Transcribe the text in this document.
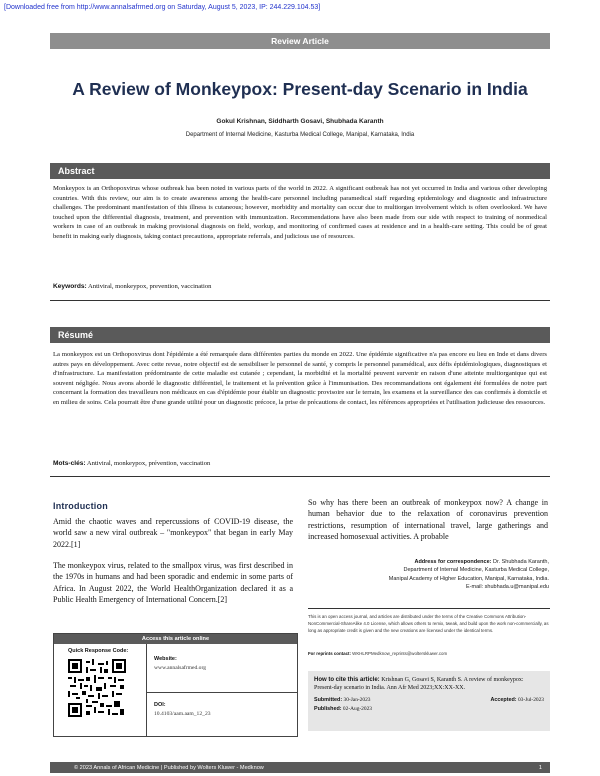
[Downloaded free from http://www.annalsafrmed.org on Saturday, August 5, 2023, IP: 244.229.104.53]
Review Article
A Review of Monkeypox: Present-day Scenario in India
Gokul Krishnan, Siddharth Gosavi, Shubhada Karanth
Department of Internal Medicine, Kasturba Medical College, Manipal, Karnataka, India
Abstract
Monkeypox is an Orthopoxvirus whose outbreak has been noted in various parts of the world in 2022. A significant outbreak has not yet occurred in India and various other developing countries. With this review, our aim is to create awareness among the health-care personnel including paramedical staff regarding epidemiology and diagnostic and infrastructure challenges. The predominant manifestation of this illness is cutaneous; however, morbidity and mortality can occur due to multiorgan involvement which is often overlooked. We have touched upon the differential diagnosis, treatment, and prevention with immunization. Recommendations have also been made from our side with respect to training of nonmedical workers in case of an outbreak in making provisional diagnosis on field, workup, and monitoring of confirmed cases at residence and in a health-care setting. This could be of great benefit in making early diagnosis, taking contact precautions, appropriate referrals, and judicious use of resources.
Keywords: Antiviral, monkeypox, prevention, vaccination
Résumé
La monkeypox est un Orthopoxvirus dont l'épidémie a été remarquée dans différentes parties du monde en 2022. Une épidémie significative n'a pas encore eu lieu en Inde et dans divers autres pays en développement. Avec cette revue, notre objectif est de sensibiliser le personnel de santé, y compris le personnel paramédical, aux défis épidémiologiques, diagnostiques et d'infrastructure. La manifestation prédominante de cette maladie est cutanée ; cependant, la morbidité et la mortalité peuvent survenir en raison d'une atteinte multiorganique qui est souvent négligée. Nous avons abordé le diagnostic différentiel, le traitement et la prévention grâce à l'immunisation. Des recommandations ont également été formulées de notre part concernant la formation des travailleurs non médicaux en cas d'épidémie pour établir un diagnostic provisoire sur le terrain, les examens et la surveillance des cas confirmés à domicile et en milieu de soins. Cela pourrait être d'une grande utilité pour un diagnostic précoce, la prise de précautions de contact, les références appropriées et l'utilisation judicieuse des ressources.
Mots-clés: Antiviral, monkeypox, prévention, vaccination
Introduction
Amid the chaotic waves and repercussions of COVID-19 disease, the world saw a new viral outbreak – "monkeypox" that began in early May 2022.[1]
The monkeypox virus, related to the smallpox virus, was first described in the 1970s in humans and had been sporadic and endemic in some parts of Africa. In August 2022, the World HealthOrganization declared it as a Public Health Emergency of International Concern.[2]
So why has there been an outbreak of monkeypox now? A change in human behavior due to the relaxation of coronavirus prevention restrictions, resumption of international travel, large gatherings and increased homosexual activities. A probable
Address for correspondence: Dr. Shubhada Karanth,
Department of Internal Medicine, Kasturba Medical College,
Manipal Academy of Higher Education, Manipal, Karnataka, India.
E-mail: shubhada.u@manipal.edu
This is an open access journal, and articles are distributed under the terms of the Creative Commons Attribution-NonCommercial-ShareAlike 4.0 License, which allows others to remix, tweak, and build upon the work non-commercially, as long as appropriate credit is given and the new creations are licensed under the identical terms.
For reprints contact: WKHLRPMedknow_reprints@wolterskluwer.com
How to cite this article: Krishnan G, Gosavi S, Karanth S. A review of monkeypox: Present-day scenario in India. Ann Afr Med 2023;XX:XX-XX.
Submitted: 30-Jan-2023	Accepted: 03-Jul-2023
Published: 02-Aug-2023
Access this article online
Quick Response Code:
Website:
www.annalsafrmed.org
DOI:
10.4103/aam.aam_12_23
© 2023 Annals of African Medicine | Published by Wolters Kluwer - Medknow	1
